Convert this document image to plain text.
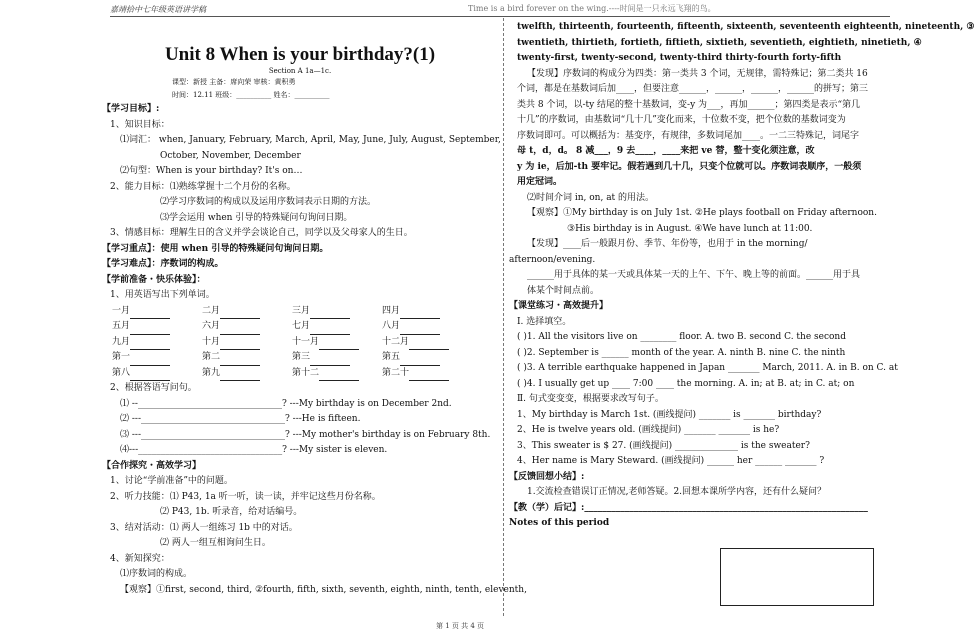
嘉靖拾中七年级英语讲学稿	Time is a bird forever on the wing.----时间是一只永远飞翔的鸟。
Unit 8 When is your birthday?(1)
Section A 1a—1c.
课型：新授 主备：席向荣 审核：黄积勇
时间：12.11 班级：__________ 姓名：__________
【学习目标】:
1、知识目标：
⑴词汇： when, January, February, March, April, May, June, July, August, September,
October, November, December
⑵句型：When is your birthday? It's on…
2、能力目标：⑴熟练掌握十二个月份的名称。
⑵学习序数词的构成以及运用序数词表示日期的方法。
⑶学会运用 when 引导的特殊疑问句询问日期。
3、情感目标：理解生日的含义并学会谈论自己，同学以及父母家人的生日。
【学习重点】：使用 when 引导的特殊疑问句询问日期。
【学习难点】：序数词的构成。
【学前准备・快乐体验】：
1、用英语写出下列单词。
一月	二月	三月	四月
五月	六月	七月	八月
九月	十月	十一月	十二月
第一	第二	第三	第五
第八	第九	第十二	第二十
2、根据答语写问句。
⑴ --________________________________? ---My birthday is on December 2nd.
⑵ ---________________________________? ---He is fifteen.
⑶ ---________________________________? ---My mother's birthday is on February 8th.
⑷---________________________________? ---My sister is eleven.
【合作探究・高效学习】
1、讨论“学前准备”中的问题。
2、听力技能：⑴ P43, 1a 听一听，读一读，并牢记这些月份名称。
⑵ P43, 1b. 听录音，给对话编号。
3、结对活动：⑴ 两人一组练习 1b 中的对话。
⑵ 两人一组互相询问生日。
4、新知探究：
⑴序数词的构成。
【观察】①first, second, third, ②fourth, fifth, sixth, seventh, eighth, ninth, tenth, eleventh,
twelfth, thirteenth, fourteenth, fifteenth, sixteenth, seventeenth eighteenth, nineteenth, ③
twentieth, thirtieth, fortieth, fiftieth, sixtieth, seventieth, eightieth, ninetieth, ④
twenty-first, twenty-second, twenty-third thirty-fourth forty-fifth
【发现】序数词的构成分为四类：第一类共 3 个词，无规律，需特殊记；第二类共 16
个词，都是在基数词后加____，但要注意______，______，______，______的拼写；第三
类共 8 个词，以-ty 结尾的整十基数词，变-y 为___，再加______；第四类是表示“第几
十几”的序数词，由基数词“几十几”变化而来，十位数不变，把个位数的基数词变为
序数词即可。可以概括为：基变序，有规律，多数词尾加____。一二三特殊记，词尾字
母 t，d，d。 8 减___，9 去____，____来把 ve 替，整十变化须注意，改
y 为 ie，后加-th 要牢记。假若遇到几十几，只变个位就可以。序数词表顺序，一般须
用定冠词。
⑵时间介词 in, on, at 的用法。
【观察】①My birthday is on July 1st. ②He plays football on Friday afternoon.
③His birthday is in August. ④We have lunch at 11:00.
【发现】____后一般跟月份、季节、年份等，也用于 in the morning/
afternoon/evening.
______用于具体的某一天或具体某一天的上午、下午、晚上等的前面。______用于具
体某个时间点前。
【课堂练习・高效提升】
Ⅰ. 选择填空。
( )1. All the visitors live on ________ floor. A. two B. second C. the second
( )2. September is ______ month of the year. A. ninth B. nine C. the ninth
( )3. A terrible earthquake happened in Japan _______ March, 2011. A. in B. on C. at
( )4. I usually get up ____ 7:00 ____ the morning. A. in; at B. at; in C. at; on
Ⅱ. 句式变变变，根据要求改写句子。
1、My birthday is March 1st. (画线提问) _______ is _______ birthday?
2、He is twelve years old. (画线提问) _______ _______ is he?
3、This sweater is $ 27. (画线提问) ______________ is the sweater?
4、Her name is Mary Steward. (画线提问) ______ her ______ _______ ?
【反馈回想小结】:
1.交流检查错误订正情况,老师答疑。2.回想本课所学内容，还有什么疑问？
【教（学）后记】:_______________________________________________________________
Notes of this period
第 1 页 共 4 页
